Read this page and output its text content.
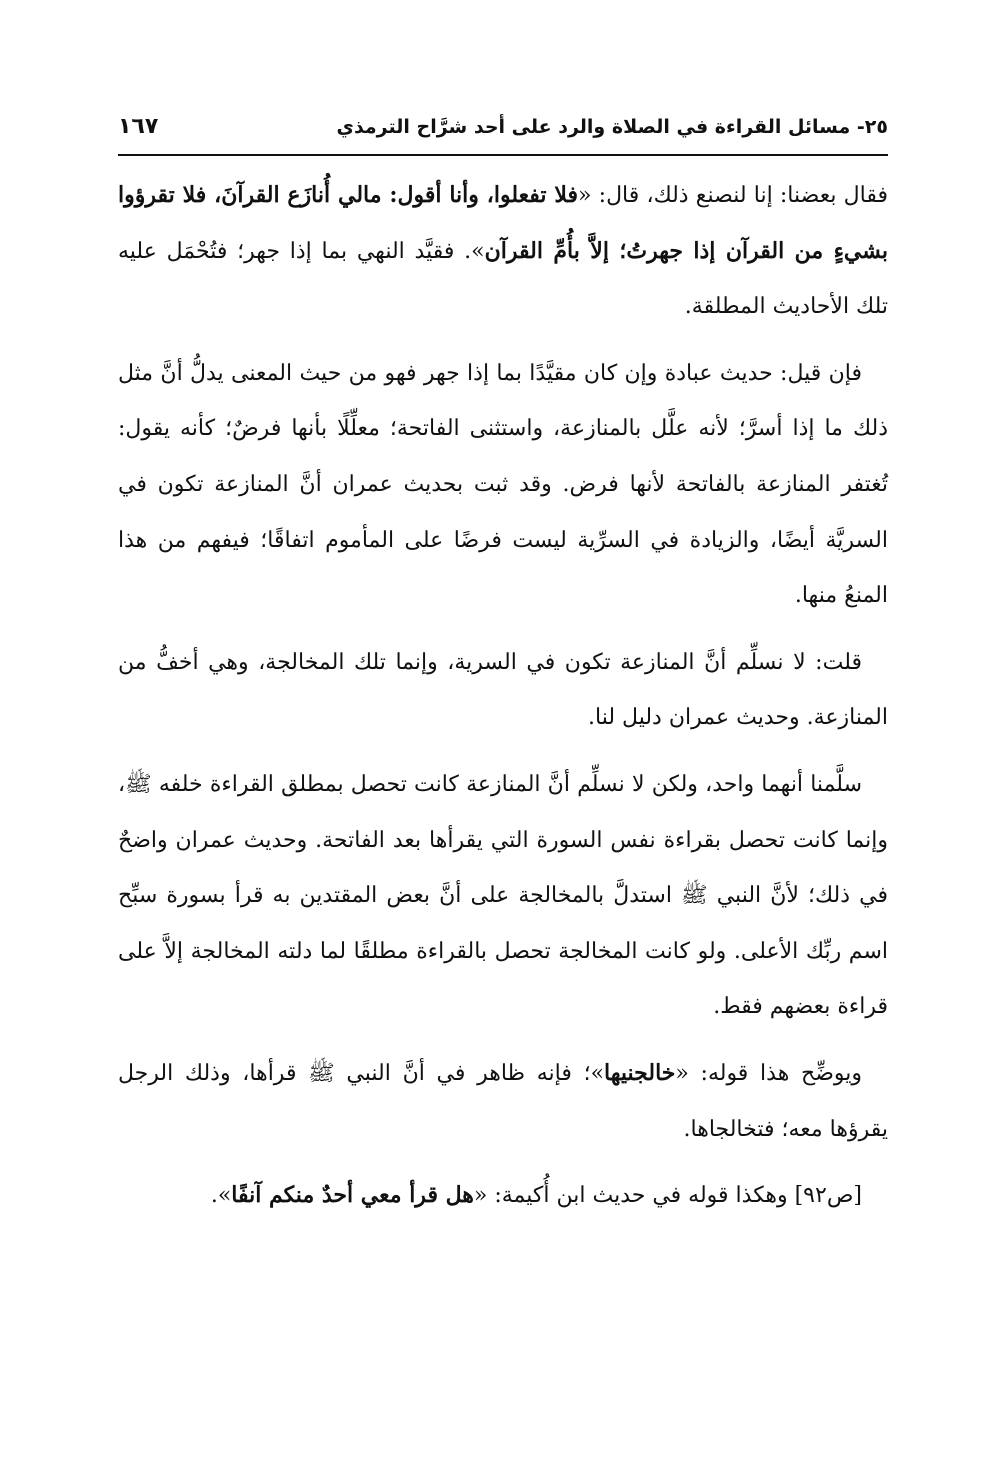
٢٥- مسائل القراءة في الصلاة والرد على أحد شرَّاح الترمذي
١٦٧

فقال بعضنا: إنا لنصنع ذلك، قال: «فلا تفعلوا، وأنا أقول: مالي أُنازَع القرآنَ، فلا تقرؤوا بشيءٍ من القرآن إذا جهرتُ؛ إلاَّ بأُمِّ القرآن». فقيَّد النهي بما إذا جهر؛ فتُحْمَل عليه تلك الأحاديث المطلقة.

فإن قيل: حديث عبادة وإن كان مقيَّدًا بما إذا جهر فهو من حيث المعنى يدلُّ أنَّ مثل ذلك ما إذا أسرَّ؛ لأنه علَّل بالمنازعة، واستثنى الفاتحة؛ معلِّلًا بأنها فرضٌ؛ كأنه يقول: تُغتفر المنازعة بالفاتحة لأنها فرض. وقد ثبت بحديث عمران أنَّ المنازعة تكون في السريَّة أيضًا، والزيادة في السرِّية ليست فرضًا على المأموم اتفاقًا؛ فيفهم من هذا المنعُ منها.

قلت: لا نسلِّم أنَّ المنازعة تكون في السرية، وإنما تلك المخالجة، وهي أخفُّ من المنازعة. وحديث عمران دليل لنا.

سلَّمنا أنهما واحد، ولكن لا نسلِّم أنَّ المنازعة كانت تحصل بمطلق القراءة خلفه ﷺ، وإنما كانت تحصل بقراءة نفس السورة التي يقرأها بعد الفاتحة. وحديث عمران واضحٌ في ذلك؛ لأنَّ النبي ﷺ استدلَّ بالمخالجة على أنَّ بعض المقتدين به قرأ بسورة سبِّح اسم ربِّك الأعلى. ولو كانت المخالجة تحصل بالقراءة مطلقًا لما دلته المخالجة إلاَّ على قراءة بعضهم فقط.

ويوضِّح هذا قوله: «خالجنيها»؛ فإنه ظاهر في أنَّ النبي ﷺ قرأها، وذلك الرجل يقرؤها معه؛ فتخالجاها.

[ص٩٢] وهكذا قوله في حديث ابن أُكيمة: «هل قرأ معي أحدٌ منكم آنفًا».
